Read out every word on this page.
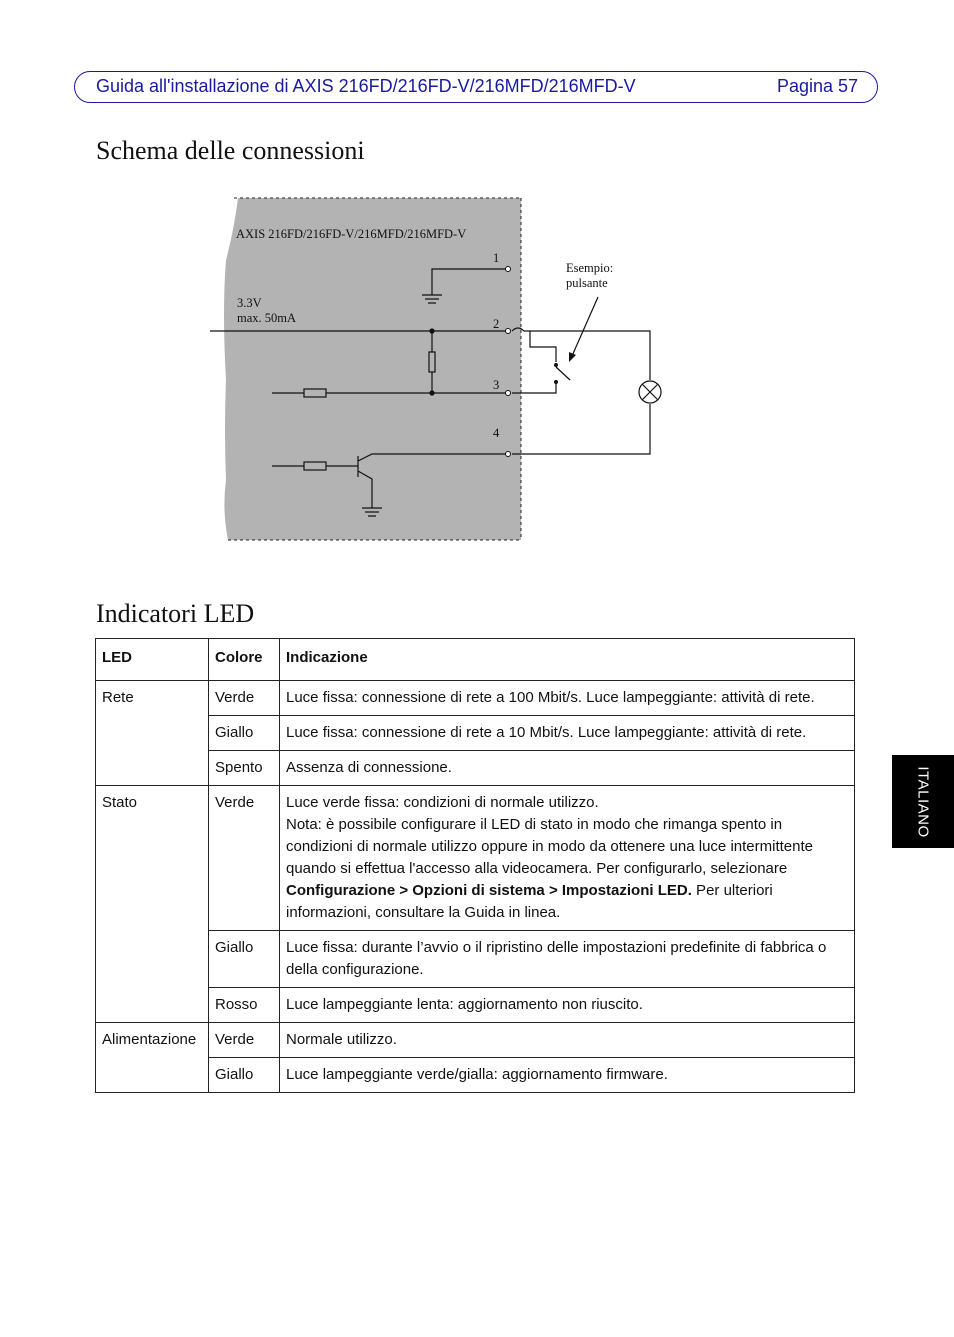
Guida all'installazione di AXIS 216FD/216FD-V/216MFD/216MFD-V	Pagina 57
Schema delle connessioni
AXIS 216FD/216FD-V/216MFD/216MFD-V
3.3V
max. 50mA
Esempio:
pulsante
1
2
3
4
Indicatori LED
LED	Colore	Indicazione
Rete	Verde	Luce fissa: connessione di rete a 100 Mbit/s. Luce lampeggiante: attività di rete.
	Giallo	Luce fissa: connessione di rete a 10 Mbit/s. Luce lampeggiante: attività di rete.
	Spento	Assenza di connessione.
Stato	Verde	Luce verde fissa: condizioni di normale utilizzo.
Nota: è possibile configurare il LED di stato in modo che rimanga spento in condizioni di normale utilizzo oppure in modo da ottenere una luce intermittente quando si effettua l'accesso alla videocamera. Per configurarlo, selezionare Configurazione > Opzioni di sistema > Impostazioni LED. Per ulteriori informazioni, consultare la Guida in linea.
	Giallo	Luce fissa: durante l’avvio o il ripristino delle impostazioni predefinite di fabbrica o della configurazione.
	Rosso	Luce lampeggiante lenta: aggiornamento non riuscito.
Alimentazione	Verde	Normale utilizzo.
	Giallo	Luce lampeggiante verde/gialla: aggiornamento firmware.
ITALIANO
